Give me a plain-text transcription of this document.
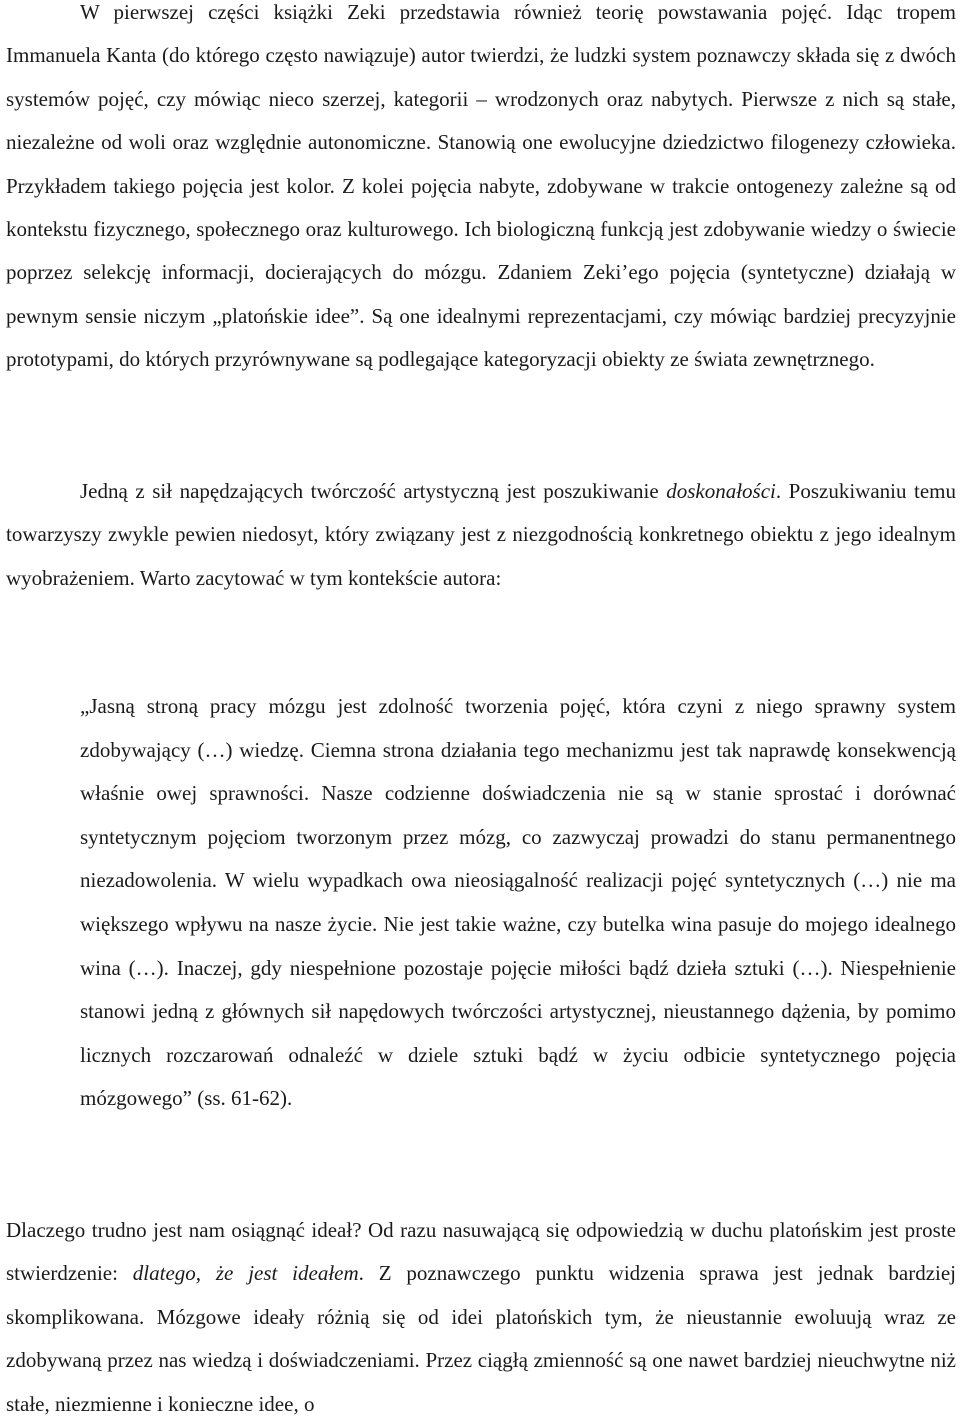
W pierwszej części książki Zeki przedstawia również teorię powstawania pojęć. Idąc tropem Immanuela Kanta (do którego często nawiązuje) autor twierdzi, że ludzki system poznawczy składa się z dwóch systemów pojęć, czy mówiąc nieco szerzej, kategorii – wrodzonych oraz nabytych. Pierwsze z nich są stałe, niezależne od woli oraz względnie autonomiczne. Stanowią one ewolucyjne dziedzictwo filogenezy człowieka. Przykładem takiego pojęcia jest kolor. Z kolei pojęcia nabyte, zdobywane w trakcie ontogenezy zależne są od kontekstu fizycznego, społecznego oraz kulturowego. Ich biologiczną funkcją jest zdobywanie wiedzy o świecie poprzez selekcję informacji, docierających do mózgu. Zdaniem Zeki’ego pojęcia (syntetyczne) działają w pewnym sensie niczym „platońskie idee”. Są one idealnymi reprezentacjami, czy mówiąc bardziej precyzyjnie prototypami, do których przyrównywane są podlegające kategoryzacji obiekty ze świata zewnętrznego.

Jedną z sił napędzających twórczość artystyczną jest poszukiwanie doskonałości. Poszukiwaniu temu towarzyszy zwykle pewien niedosyt, który związany jest z niezgodnością konkretnego obiektu z jego idealnym wyobrażeniem. Warto zacytować w tym kontekście autora:

„Jasną stroną pracy mózgu jest zdolność tworzenia pojęć, która czyni z niego sprawny system zdobywający (…) wiedzę. Ciemna strona działania tego mechanizmu jest tak naprawdę konsekwencją właśnie owej sprawności. Nasze codzienne doświadczenia nie są w stanie sprostać i dorównać syntetycznym pojęciom tworzonym przez mózg, co zazwyczaj prowadzi do stanu permanentnego niezadowolenia. W wielu wypadkach owa nieosiągalność realizacji pojęć syntetycznych (…) nie ma większego wpływu na nasze życie. Nie jest takie ważne, czy butelka wina pasuje do mojego idealnego wina (…). Inaczej, gdy niespełnione pozostaje pojęcie miłości bądź dzieła sztuki (…). Niespełnienie stanowi jedną z głównych sił napędowych twórczości artystycznej, nieustannego dążenia, by pomimo licznych rozczarowań odnaleźć w dziele sztuki bądź w życiu odbicie syntetycznego pojęcia mózgowego” (ss. 61-62).

Dlaczego trudno jest nam osiągnąć ideał? Od razu nasuwającą się odpowiedzią w duchu platońskim jest proste stwierdzenie: dlatego, że jest ideałem. Z poznawczego punktu widzenia sprawa jest jednak bardziej skomplikowana. Mózgowe ideały różnią się od idei platońskich tym, że nieustannie ewoluują wraz ze zdobywaną przez nas wiedzą i doświadczeniami. Przez ciągłą zmienność są one nawet bardziej nieuchwytne niż stałe, niezmienne i konieczne idee, o
